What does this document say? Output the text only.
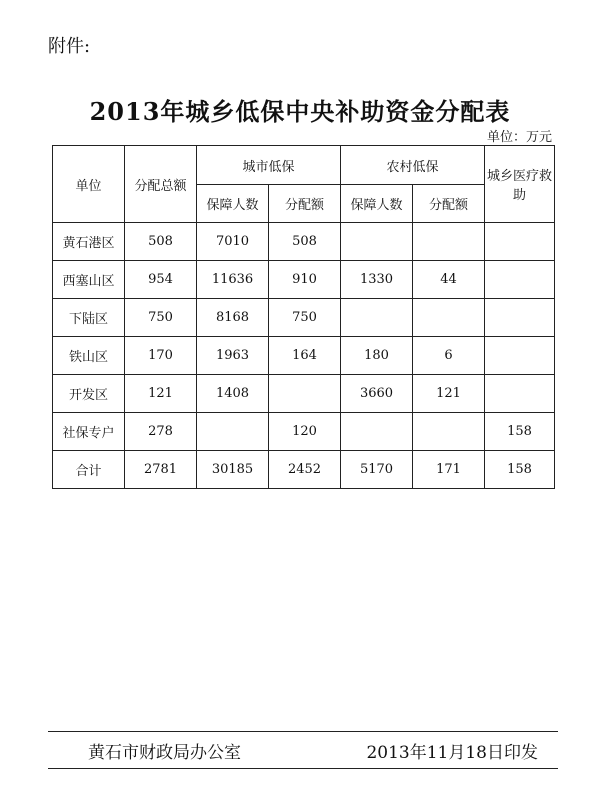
附件:
2013年城乡低保中央补助资金分配表
单位：万元
单位	分配总额	城市低保		农村低保		城乡医疗救助
		保障人数	分配额	保障人数	分配额	
黄石港区	508	7010	508			
西塞山区	954	11636	910	1330	44	
下陆区	750	8168	750			
铁山区	170	1963	164	180	6	
开发区	121	1408		3660	121	
社保专户	278		120			158
合计	2781	30185	2452	5170	171	158
黄石市财政局办公室	2013年11月18日印发
